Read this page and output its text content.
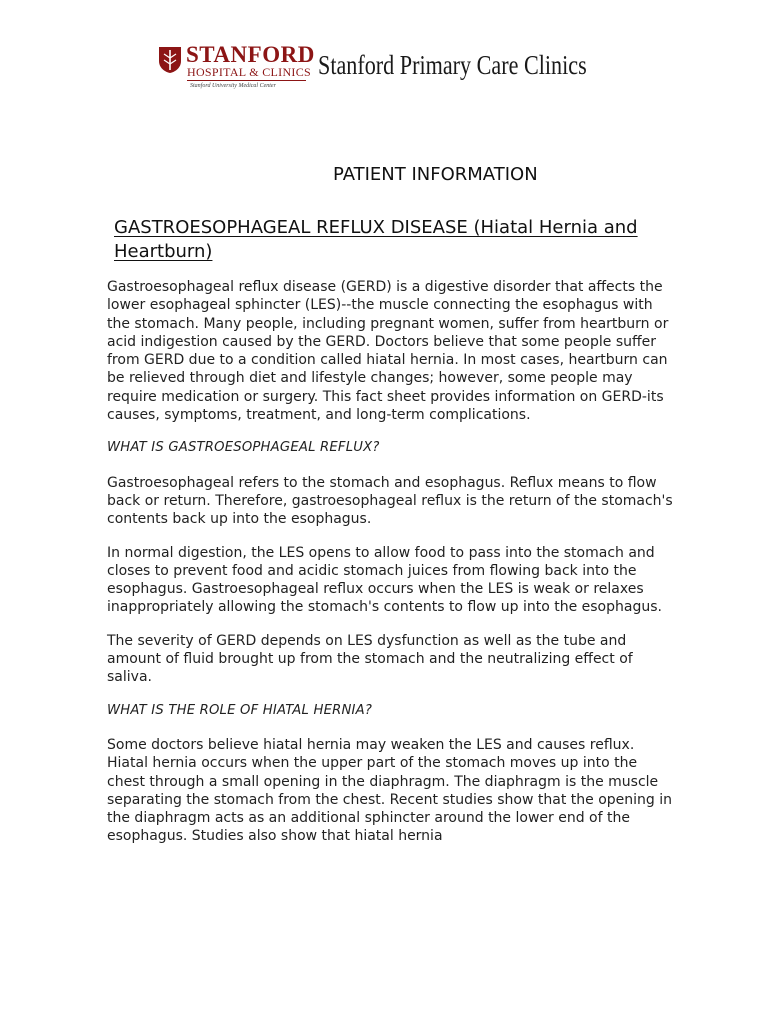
STANFORD
HOSPITAL & CLINICS
Stanford University Medical Center
Stanford Primary Care Clinics
PATIENT INFORMATION
GASTROESOPHAGEAL REFLUX DISEASE (Hiatal Hernia and Heartburn)

Gastroesophageal reflux disease (GERD) is a digestive disorder that affects the lower esophageal sphincter (LES)--the muscle connecting the esophagus with the stomach. Many people, including pregnant women, suffer from heartburn or acid indigestion caused by the GERD. Doctors believe that some people suffer from GERD due to a condition called hiatal hernia. In most cases, heartburn can be relieved through diet and lifestyle changes; however, some people may require medication or surgery. This fact sheet provides information on GERD-its causes, symptoms, treatment, and long-term complications.

WHAT IS GASTROESOPHAGEAL REFLUX?

Gastroesophageal refers to the stomach and esophagus. Reflux means to flow back or return. Therefore, gastroesophageal reflux is the return of the stomach's contents back up into the esophagus.

In normal digestion, the LES opens to allow food to pass into the stomach and closes to prevent food and acidic stomach juices from flowing back into the esophagus. Gastroesophageal reflux occurs when the LES is weak or relaxes inappropriately allowing the stomach's contents to flow up into the esophagus.

The severity of GERD depends on LES dysfunction as well as the tube and amount of fluid brought up from the stomach and the neutralizing effect of saliva.

WHAT IS THE ROLE OF HIATAL HERNIA?

Some doctors believe hiatal hernia may weaken the LES and causes reflux. Hiatal hernia occurs when the upper part of the stomach moves up into the chest through a small opening in the diaphragm. The diaphragm is the muscle separating the stomach from the chest. Recent studies show that the opening in the diaphragm acts as an additional sphincter around the lower end of the esophagus. Studies also show that hiatal hernia
